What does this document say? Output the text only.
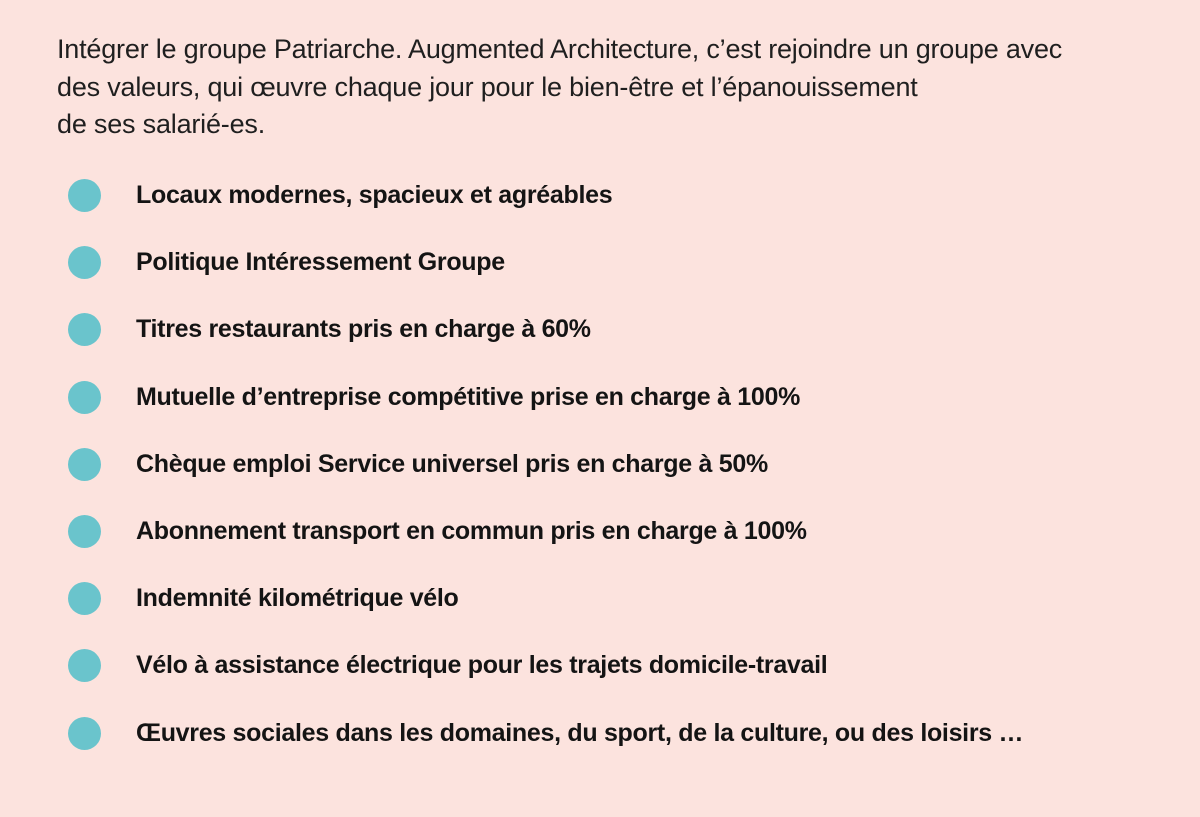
Intégrer le groupe Patriarche. Augmented Architecture, c’est rejoindre un groupe avec
des valeurs, qui œuvre chaque jour pour le bien-être et l’épanouissement
de ses salarié-es.

Locaux modernes, spacieux et agréables
Politique Intéressement Groupe
Titres restaurants pris en charge à 60%
Mutuelle d’entreprise compétitive prise en charge à 100%
Chèque emploi Service universel pris en charge à 50%
Abonnement transport en commun pris en charge à 100%
Indemnité kilométrique vélo
Vélo à assistance électrique pour les trajets domicile-travail
Œuvres sociales dans les domaines, du sport, de la culture, ou des loisirs …
